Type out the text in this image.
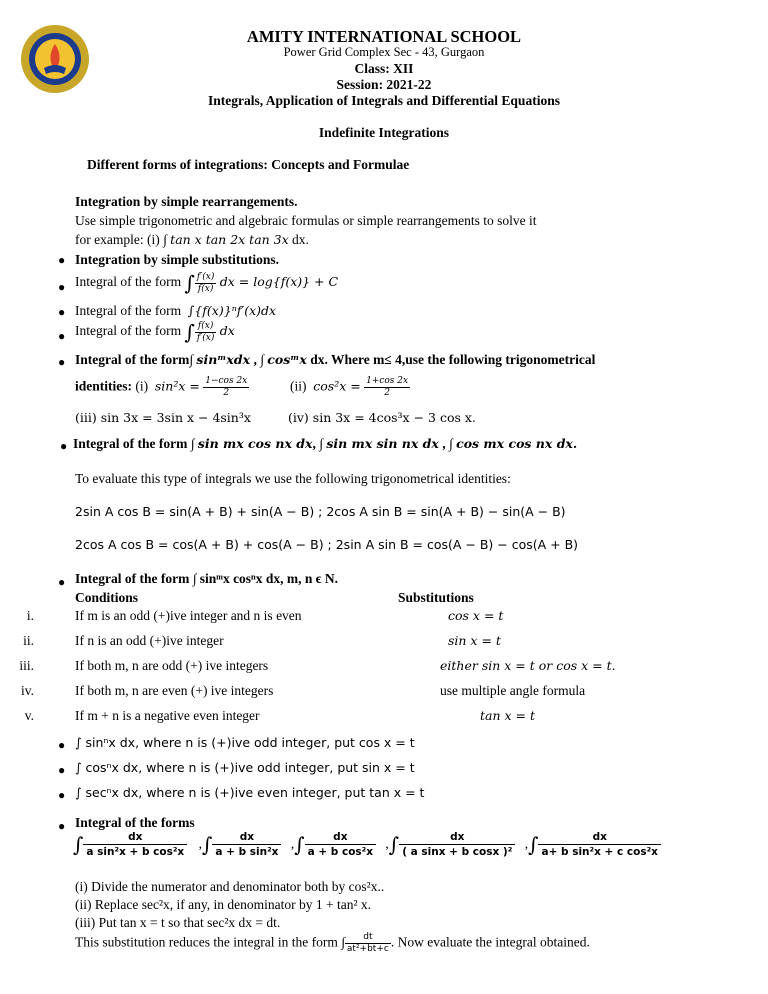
AMITY INTERNATIONAL SCHOOL
Power Grid Complex Sec - 43, Gurgaon
Class: XII
Session: 2021-22
Integrals, Application of Integrals and Differential Equations
Indefinite Integrations
Different forms of integrations: Concepts and Formulae
Integration by simple rearrangements.
Use simple trigonometric and algebraic formulas or simple rearrangements to solve it
for example: (i) ∫ tan x tan 2x tan 3x dx.
● Integration by simple substitutions.
● Integral of the form ∫ $\frac{f'(x)}{f(x)}$ dx = log{f(x)} + C
● Integral of the form ∫{f(x)}ⁿf′(x)dx
● Integral of the form ∫ $\frac{f(x)}{f'(x)}$ dx
● Integral of the form∫ sinᵐxdx , ∫ cosᵐx dx. Where m≤ 4,use the following trigonometrical
identities: (i) $\sin^2x = \frac{1-\cos 2x}{2}$	(ii) $\cos^2x = \frac{1+\cos 2x}{2}$
(iii) sin 3x = 3sin x − 4sin³x	(iv) sin 3x = 4cos³x − 3 cos x.
● Integral of the form ∫ sin mx cos nx dx, ∫ sin mx sin nx dx , ∫ cos mx cos nx dx.
To evaluate this type of integrals we use the following trigonometrical identities:
2sin A cos B = sin(A + B) + sin(A − B) ; 2cos A sin B = sin(A + B) − sin(A − B)
2cos A cos B = cos(A + B) + cos(A − B) ; 2sin A sin B = cos(A − B) − cos(A + B)
● Integral of the form ∫ sinᵐx cosⁿx dx, m, n ϵ N.
Conditions	Substitutions
i.	If m is an odd (+)ive integer and n is even	cos x = t
ii.	If n is an odd (+)ive integer	sin x = t
iii.	If both m, n are odd (+) ive integers	either sin x = t or cos x = t.
iv.	If both m, n are even (+) ive integers	use multiple angle formula
v.	If m + n is a negative even integer	tan x = t
● ∫ sinⁿx dx, where n is (+)ive odd integer, put cos x = t
● ∫ cosⁿx dx, where n is (+)ive odd integer, put sin x = t
● ∫ secⁿx dx, where n is (+)ive even integer, put tan x = t
● Integral of the forms
∫ $\frac{dx}{\text{a sin²x + b cos²x}}$ ,∫ $\frac{dx}{\text{a + b sin²x}}$ ,∫ $\frac{dx}{\text{a + b cos²x}}$ ,∫ $\frac{dx}{\text{( a sinx + b cosx )²}}$ ,∫ $\frac{dx}{\text{a+ b sin²x + c cos²x}}$
(i) Divide the numerator and denominator both by cos²x..
(ii) Replace sec²x, if any, in denominator by 1 + tan² x.
(iii) Put tan x = t so that sec²x dx = dt.
This substitution reduces the integral in the form ∫ $\frac{dt}{\text{at²+bt+c}}$ . Now evaluate the integral obtained.
